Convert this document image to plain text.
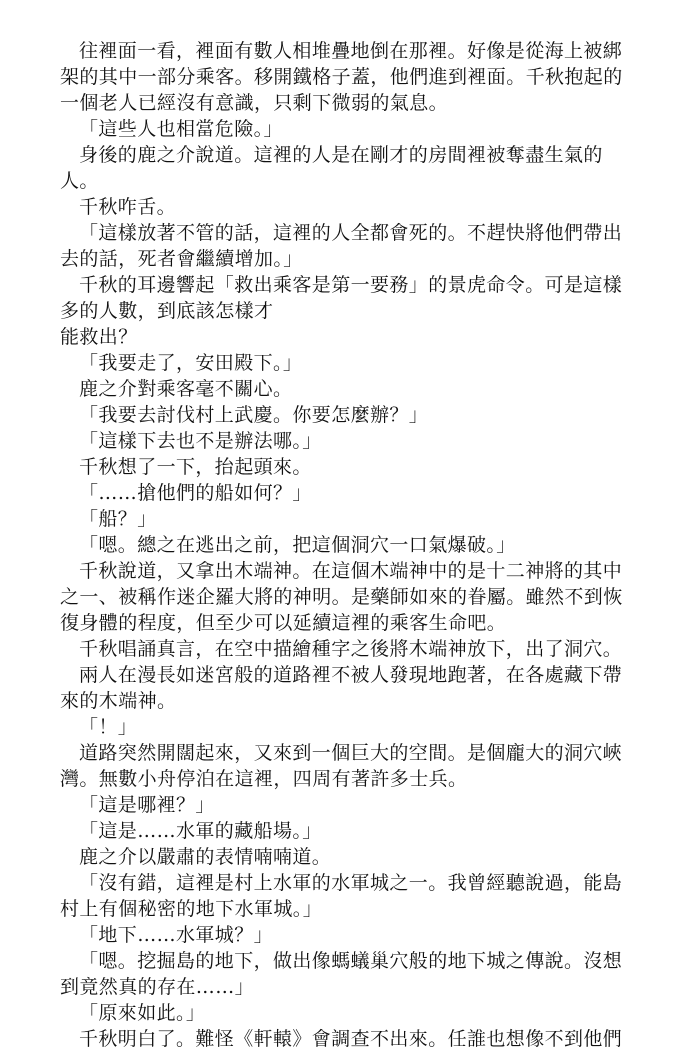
往裡面一看，裡面有數人相堆疊地倒在那裡。好像是從海上被綁架的其中一部分乘客。移開鐵格子蓋，他們進到裡面。千秋抱起的一個老人已經沒有意識，只剩下微弱的氣息。

「這些人也相當危險。」

身後的鹿之介說道。這裡的人是在剛才的房間裡被奪盡生氣的人。

千秋咋舌。

「這樣放著不管的話，這裡的人全都會死的。不趕快將他們帶出去的話，死者會繼續增加。」

千秋的耳邊響起「救出乘客是第一要務」的景虎命令。可是這樣多的人數，到底該怎樣才

能救出？

「我要走了，安田殿下。」

鹿之介對乘客毫不關心。

「我要去討伐村上武慶。你要怎麼辦？」

「這樣下去也不是辦法哪。」

千秋想了一下，抬起頭來。

「……搶他們的船如何？」

「船？」

「嗯。總之在逃出之前，把這個洞穴一口氣爆破。」

千秋說道，又拿出木端神。在這個木端神中的是十二神將的其中之一、被稱作迷企羅大將的神明。是藥師如來的眷屬。雖然不到恢復身體的程度，但至少可以延續這裡的乘客生命吧。

千秋唱誦真言，在空中描繪種字之後將木端神放下，出了洞穴。

兩人在漫長如迷宮般的道路裡不被人發現地跑著，在各處藏下帶來的木端神。

「！」

道路突然開闊起來，又來到一個巨大的空間。是個龐大的洞穴峽灣。無數小舟停泊在這裡，四周有著許多士兵。

「這是哪裡？」

「這是……水軍的藏船場。」

鹿之介以嚴肅的表情喃喃道。

「沒有錯，這裡是村上水軍的水軍城之一。我曾經聽說過，能島村上有個秘密的地下水軍城。」

「地下……水軍城？」

「嗯。挖掘島的地下，做出像螞蟻巢穴般的地下城之傳說。沒想到竟然真的存在……」

「原來如此。」

千秋明白了。難怪《軒轅》會調查不出來。任誰也想像不到他們
